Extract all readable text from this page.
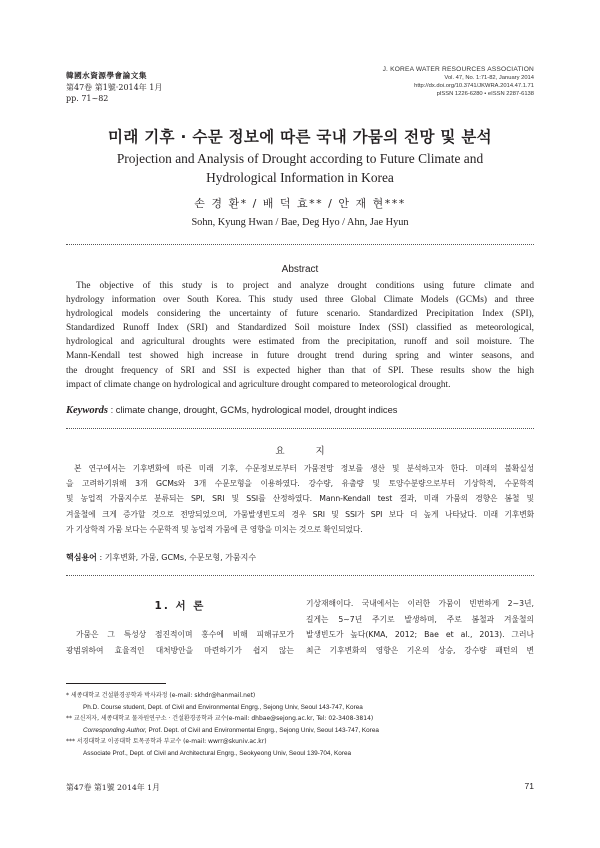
韓國水資源學會論文集
第47卷 第1號·2014年 1月
pp. 71~82
J. KOREA WATER RESOURCES ASSOCIATION
Vol. 47, No. 1:71-82, January 2014
http://dx.doi.org/10.3741/JKWRA.2014.47.1.71
pISSN 1226-6280 • eISSN 2287-6138
미래 기후 · 수문 정보에 따른 국내 가뭄의 전망 및 분석
Projection and Analysis of Drought according to Future Climate and
Hydrological Information in Korea
손 경 환* / 배 덕 효** / 안 재 현***
Sohn, Kyung Hwan / Bae, Deg Hyo / Ahn, Jae Hyun
Abstract
The objective of this study is to project and analyze drought conditions using future climate and
hydrology information over South Korea. This study used three Global Climate Models (GCMs) and three
hydrological models considering the uncertainty of future scenario. Standardized Precipitation Index (SPI),
Standardized Runoff Index (SRI) and Standardized Soil moisture Index (SSI) classified as meteorological,
hydrological and agricultural droughts were estimated from the precipitation, runoff and soil moisture. The
Mann-Kendall test showed high increase in future drought trend during spring and winter seasons, and
the drought frequency of SRI and SSI is expected higher than that of SPI. These results show the high
impact of climate change on hydrological and agriculture drought compared to meteorological drought.
Keywords : climate change, drought, GCMs, hydrological model, drought indices
요 지
본 연구에서는 기후변화에 따른 미래 기후, 수문정보로부터 가뭄전망 정보를 생산 및 분석하고자 한다. 미래의 불확실성
을 고려하기위해 3개 GCMs와 3개 수문모형을 이용하였다. 강수량, 유출량 및 토양수분량으로부터 기상학적, 수문학적
및 농업적 가뭄지수로 분류되는 SPI, SRI 및 SSI를 산정하였다. Mann-Kendall test 결과, 미래 가뭄의 경향은 봄철 및
겨울철에 크게 증가할 것으로 전망되었으며, 가뭄발생빈도의 경우 SRI 및 SSI가 SPI 보다 더 높게 나타났다. 미래 기후변화
가 기상학적 가뭄 보다는 수문학적 및 농업적 가뭄에 큰 영향을 미치는 것으로 확인되었다.
핵심용어 : 기후변화, 가뭄, GCMs, 수문모형, 가뭄지수
1. 서 론
가뭄은 그 특성상 점진적이며 홍수에 비해 피해규모가
광범위하여 효율적인 대처방안을 마련하기가 쉽지 않는
기상재해이다. 국내에서는 이러한 가뭄이 빈번하게 2~3년,
길게는 5~7년 주기로 발생하며, 주로 봄철과 겨울철의
발생빈도가 높다(KMA, 2012; Bae et al., 2013). 그러나
최근 기후변화의 영향은 기온의 상승, 강수량 패턴의 변
* 세종대학교 건설환경공학과 박사과정 (e-mail: skhdr@hanmail.net)
Ph.D. Course student, Dept. of Civil and Environmental Engrg., Sejong Univ, Seoul 143-747, Korea
** 교신저자, 세종대학교 물자원연구소 · 건설환경공학과 교수(e-mail: dhbae@sejong.ac.kr, Tel: 02-3408-3814)
Corresponding Author, Prof. Dept. of Civil and Environmental Engrg., Sejong Univ, Seoul 143-747, Korea
*** 서경대학교 이공대학 토목공학과 부교수 (e-mail: wwrr@skuniv.ac.kr)
Associate Prof., Dept. of Civil and Architectural Engrg., Seokyeong Univ, Seoul 139-704, Korea
第47卷 第1號 2014年 1月	71
